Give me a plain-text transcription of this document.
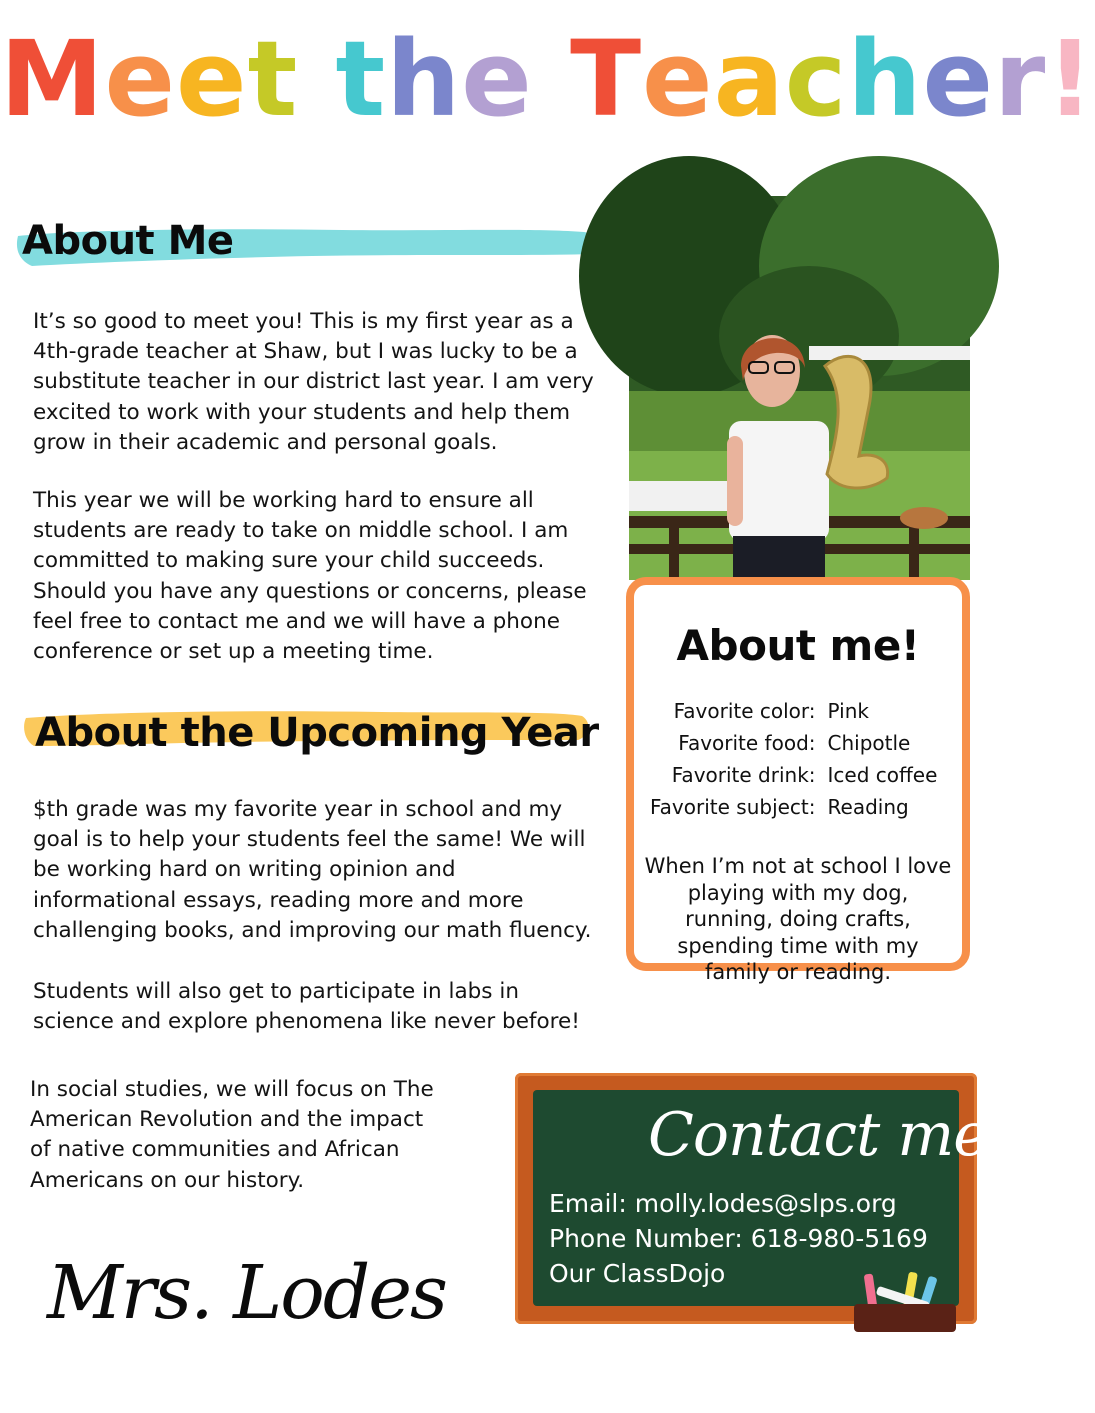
Meet the Teacher!
About Me

It’s so good to meet you! This is my first year as a 4th-grade teacher at Shaw, but I was lucky to be a substitute teacher in our district last year. I am very excited to work with your students and help them grow in their academic and personal goals.

This year we will be working hard to ensure all students are ready to take on middle school. I am committed to making sure your child succeeds. Should you have any questions or concerns, please feel free to contact me and we will have a phone conference or set up a meeting time.

About the Upcoming Year

$th grade was my favorite year in school and my goal is to help your students feel the same! We will be working hard on writing opinion and informational essays, reading more and more challenging books, and improving our math fluency.

Students will also get to participate in labs in science and explore phenomena like never before!

In social studies, we will focus on The American Revolution and the impact of native communities and African Americans on our history.

About me!
Favorite color:	Pink
Favorite food:	Chipotle
Favorite drink:	Iced coffee
Favorite subject:	Reading

When I’m not at school I love playing with my dog, running, doing crafts, spending time with my family or reading.

Contact me!
Email: molly.lodes@slps.org
Phone Number: 618-980-5169
Our ClassDojo
Mrs. Lodes
